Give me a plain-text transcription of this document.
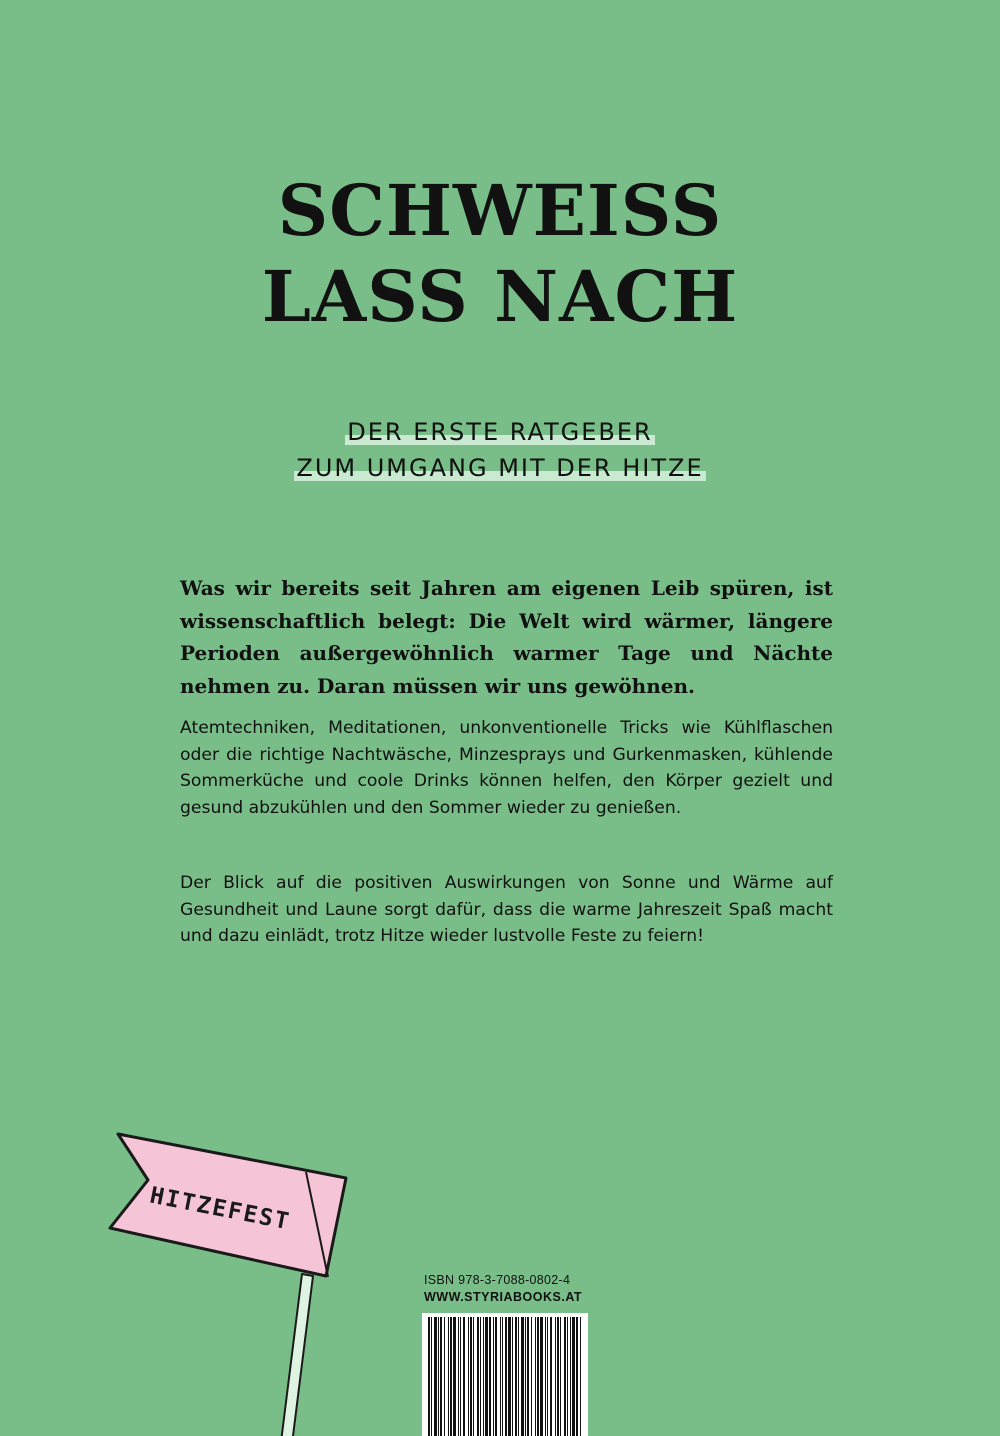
SCHWEISS
LASS NACH
DER ERSTE RATGEBER
ZUM UMGANG MIT DER HITZE

Was wir bereits seit Jahren am eigenen Leib spüren, ist wissenschaftlich belegt: Die Welt wird wärmer, längere Perioden außergewöhnlich warmer Tage und Nächte nehmen zu. Daran müssen wir uns gewöhnen.

Atemtechniken, Meditationen, unkonventionelle Tricks wie Kühlflaschen oder die richtige Nachtwäsche, Minzesprays und Gurkenmasken, kühlende Sommerküche und coole Drinks können helfen, den Körper gezielt und gesund abzukühlen und den Sommer wieder zu genießen.

Der Blick auf die positiven Auswirkungen von Sonne und Wärme auf Gesundheit und Laune sorgt dafür, dass die warme Jahreszeit Spaß macht und dazu einlädt, trotz Hitze wieder lustvolle Feste zu feiern!

HITZEFEST
ISBN 978-3-7088-0802-4
WWW.STYRIABOOKS.AT
